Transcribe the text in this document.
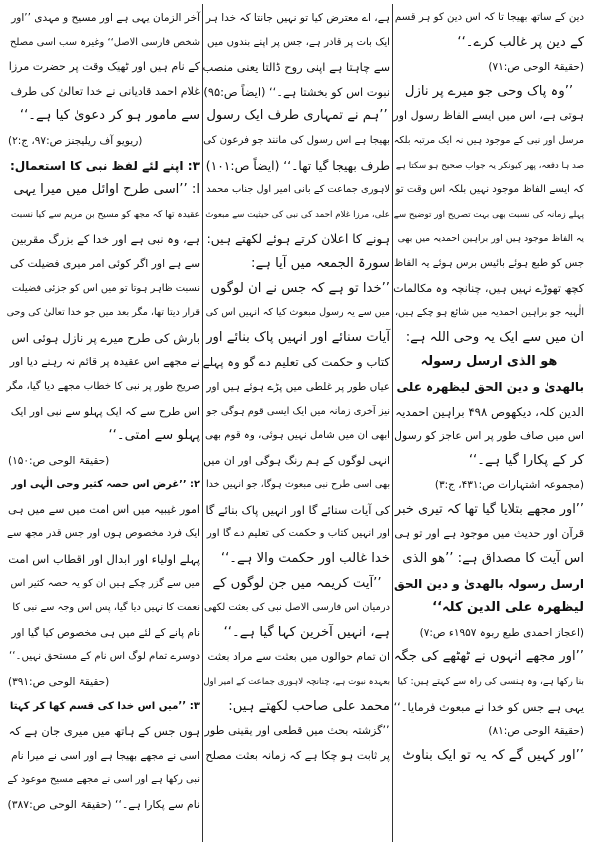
دین کے ساتھ بھیجا تا کہ اس دین کو ہر قسم
کے دین پر غالب کرے۔‘‘
(حقیقۃ الوحی ص:۷۱)
’’وہ پاک وحی جو میرے پر نازل
ہوتی ہے، اس میں ایسے الفاظ رسول اور
مرسل اور نبی کے موجود ہیں نہ ایک مرتبہ بلکہ
صد ہا دفعہ، پھر کیونکر یہ جواب صحیح ہو سکتا ہے
کہ ایسے الفاظ موجود نہیں بلکہ اس وقت تو
پہلے زمانہ کی نسبت بھی بہت تصریح اور توضیح سے
یہ الفاظ موجود ہیں اور براہین احمدیہ میں بھی
جس کو طبع ہوئے بائیس برس ہوئے یہ الفاظ
کچھ تھوڑے نہیں ہیں، چنانچہ وہ مکالمات
الٰہیہ جو براہین احمدیہ میں شائع ہو چکے ہیں،
ان میں سے ایک یہ وحی اللہ ہے:
ھو الذی ارسل رسولہ
بالھدیٰ و دین الحق لیظھرہ علی
الدین کلہ، دیکھوص ۴۹۸ براہین احمدیہ
اس میں صاف طور پر اس عاجز کو رسول
کر کے پکارا گیا ہے۔‘‘
(مجموعہ اشتہارات ص:۴۳۱، ج:۳)
’’اور مجھے بتلایا گیا تھا کہ تیری خبر
قرآن اور حدیث میں موجود ہے اور تو ہی
اس آیت کا مصداق ہے: ’’ھو الذی
ارسل رسولہ بالھدیٰ و دین الحق
لیظھرہ علی الدین کلہ‘‘
(اعجاز احمدی طبع ربوہ ۱۹۵۷ء ص:۷)
’’اور مجھے انہوں نے ٹھٹھے کی جگہ
بنا رکھا ہے، وہ ہنسی کی راہ سے کہتے ہیں: کیا
یہی ہے جس کو خدا نے مبعوث فرمایا۔‘‘
(حقیقۃ الوحی ص:۸۱)
’’اور کہیں گے کہ یہ تو ایک بناوٹ
ہے، اے معترض کیا تو نہیں جانتا کہ خدا ہر
ایک بات پر قادر ہے، جس پر اپنے بندوں میں
سے چاہتا ہے اپنی روح ڈالتا یعنی منصب
نبوت اس کو بخشتا ہے۔‘‘ (ایضاً ص:۹۵)
’’ہم نے تمہاری طرف ایک رسول
بھیجا ہے اس رسول کی مانند جو فرعون کی
طرف بھیجا گیا تھا۔‘‘ (ایضاً ص:۱۰۱)
لاہوری جماعت کے بانی امیر اول جناب محمد
علی، مرزا غلام احمد کی نبی کی حیثیت سے مبعوث
ہونے کا اعلان کرتے ہوئے لکھتے ہیں:
سورۃ الجمعہ میں آیا ہے:
’’خدا تو ہے کہ جس نے ان لوگوں
میں سے یہ رسول مبعوث کیا کہ انہیں اس کی
آیات سنائے اور انہیں پاک بنائے اور
کتاب و حکمت کی تعلیم دے گو وہ پہلے
عیاں طور پر غلطی میں پڑے ہوئے ہیں اور
نیز آخری زمانہ میں ایک ایسی قوم ہوگی جو
ابھی ان میں شامل نہیں ہوئی، وہ قوم بھی
انہی لوگوں کے ہم رنگ ہوگی اور ان میں
بھی اسی طرح نبی مبعوث ہوگا، جو انہیں خدا
کی آیات سنائے گا اور انہیں پاک بنائے گا
اور انہیں کتاب و حکمت کی تعلیم دے گا اور
خدا غالب اور حکمت والا ہے۔‘‘
’’آیت کریمہ میں جن لوگوں کے
درمیان اس فارسی الاصل نبی کی بعثت لکھی
ہے، انہیں آخرین کہا گیا ہے۔‘‘
ان تمام حوالوں میں بعثت سے مراد بعثت
بعہدہ نبوت ہے، چنانچہ لاہوری جماعت کے امیر اول
محمد علی صاحب لکھتے ہیں:
’’گزشتہ بحث میں قطعی اور یقینی طور
پر ثابت ہو چکا ہے کہ زمانہ بعثت مصلح
آخر الزمان یہی ہے اور مسیح و مہدی ’’اور
شخص فارسی الاصل‘‘ وغیرہ سب اسی مصلح
کے نام ہیں اور ٹھیک وقت پر حضرت مرزا
غلام احمد قادیانی نے خدا تعالیٰ کی طرف
سے مامور ہو کر دعویٰ کیا ہے۔‘‘
(ریویو آف ریلیجنز ص:۹۷، ج:۲)
۳: اپنے لئے لفظ نبی کا استعمال:
ا: ’’اسی طرح اوائل میں میرا یہی
عقیدہ تھا کہ مجھ کو مسیح بن مریم سے کیا نسبت
ہے، وہ نبی ہے اور خدا کے بزرگ مقربین
سے ہے اور اگر کوئی امر میری فضیلت کی
نسبت ظاہر ہوتا تو میں اس کو جزئی فضیلت
قرار دیتا تھا، مگر بعد میں جو خدا تعالیٰ کی وحی
بارش کی طرح میرے پر نازل ہوئی اس
نے مجھے اس عقیدہ پر قائم نہ رہنے دیا اور
صریح طور پر نبی کا خطاب مجھے دیا گیا، مگر
اس طرح سے کہ ایک پہلو سے نبی اور ایک
پہلو سے امتی۔‘‘
(حقیقۃ الوحی ص:۱۵۰)
۲: ’’غرض اس حصہ کثیر وحی الٰہی اور
امور غیبیہ میں اس امت میں سے میں ہی
ایک فرد مخصوص ہوں اور جس قدر مجھ سے
پہلے اولیاء اور ابدال اور اقطاب اس امت
میں سے گزر چکے ہیں ان کو یہ حصہ کثیر اس
نعمت کا نہیں دیا گیا، پس اس وجہ سے نبی کا
نام پانے کے لئے میں ہی مخصوص کیا گیا اور
دوسرے تمام لوگ اس نام کے مستحق نہیں۔‘‘
(حقیقۃ الوحی ص:۳۹۱)
۳: ’’میں اس خدا کی قسم کھا کر کہتا
ہوں جس کے ہاتھ میں میری جان ہے کہ
اسی نے مجھے بھیجا ہے اور اسی نے میرا نام
نبی رکھا ہے اور اسی نے مجھے مسیح موعود کے
نام سے پکارا ہے۔‘‘ (حقیقۃ الوحی ص:۳۸۷)
